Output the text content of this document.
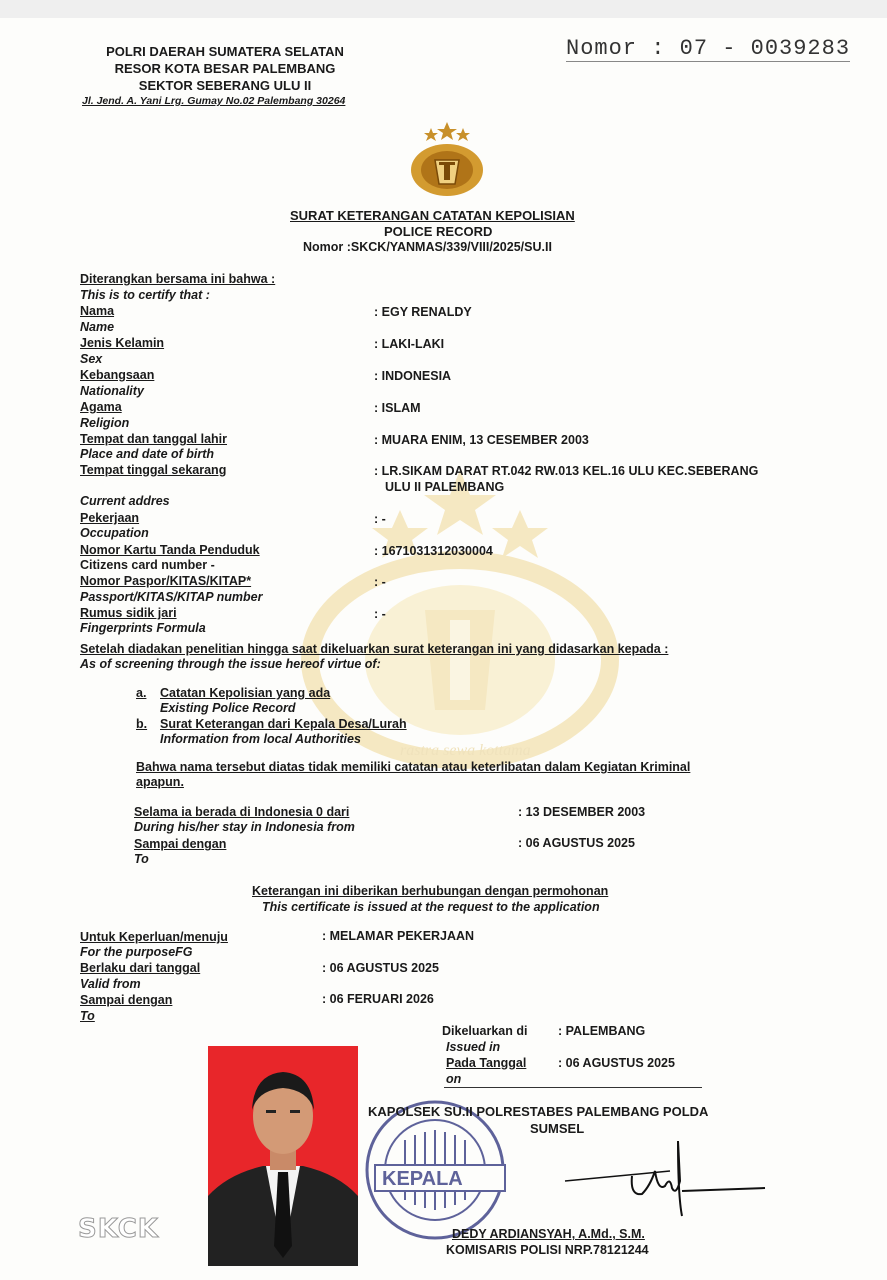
POLRI DAERAH SUMATERA SELATAN
RESOR KOTA BESAR PALEMBANG
SEKTOR SEBERANG ULU II
Jl. Jend. A. Yani Lrg. Gumay No.02 Palembang 30264
Nomor : 07 - 0039283
SURAT KETERANGAN CATATAN KEPOLISIAN
POLICE RECORD
Nomor :SKCK/YANMAS/339/VIII/2025/SU.II
rastra sewa kottama
Diterangkan bersama ini bahwa :
This is to certify that :
Nama
Name
: EGY RENALDY
Jenis Kelamin
Sex
: LAKI-LAKI
Kebangsaan
Nationality
: INDONESIA
Agama
Religion
: ISLAM
Tempat dan tanggal lahir
Place and date of birth
: MUARA ENIM, 13 CESEMBER 2003
Tempat tinggal sekarang	: LR.SIKAM DARAT RT.042 RW.013 KEL.16 ULU KEC.SEBERANG
ULU II PALEMBANG
Current addres
Pekerjaan
Occupation
: -
Nomor Kartu Tanda Penduduk
Citizens card number -
: 1671031312030004
Nomor Paspor/KITAS/KITAP*
Passport/KITAS/KITAP number
: -
Rumus sidik jari
Fingerprints Formula
: -
Setelah diadakan penelitian hingga saat dikeluarkan surat keterangan ini yang didasarkan kepada :
As of screening through the issue hereof virtue of:
a. Catatan Kepolisian yang ada
Existing Police Record
b. Surat Keterangan dari Kepala Desa/Lurah
Information from local Authorities
Bahwa nama tersebut diatas tidak memiliki catatan atau keterlibatan dalam Kegiatan Kriminal
apapun.
Selama ia berada di Indonesia 0 dari
During his/her stay in Indonesia from
: 13 DESEMBER 2003
Sampai dengan
To
: 06 AGUSTUS 2025
Keterangan ini diberikan berhubungan dengan permohonan
This certificate is issued at the request to the application
Untuk Keperluan/menuju
For the purposeFG
: MELAMAR PEKERJAAN
Berlaku dari tanggal
Valid from
: 06 AGUSTUS 2025
Sampai dengan
To
: 06 FERUARI 2026
Dikeluarkan di
Issued in
: PALEMBANG
Pada Tanggal
on
: 06 AGUSTUS 2025
KEPALA
KAPOLSEK SU.II POLRESTABES PALEMBANG POLDA
SUMSEL
DEDY ARDIANSYAH, A.Md., S.M.
KOMISARIS POLISI NRP.78121244
SKCK
